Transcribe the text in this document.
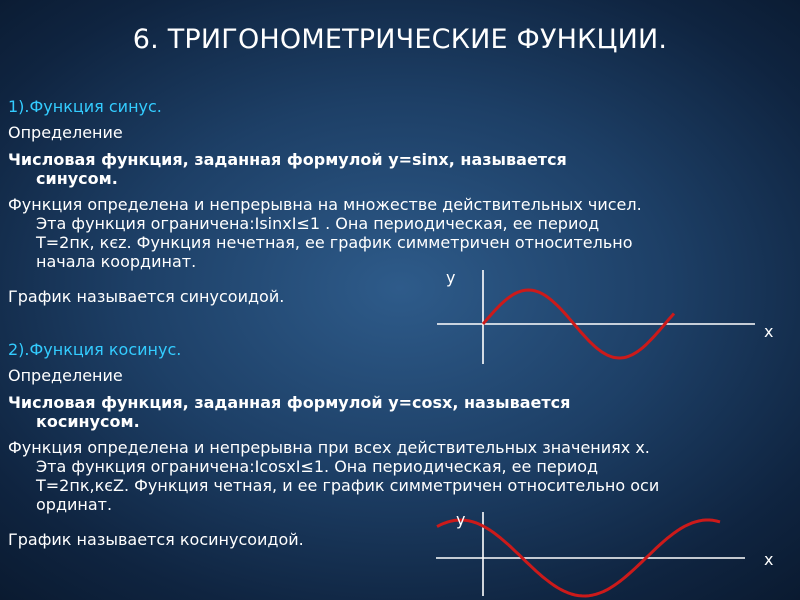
6. ТРИГОНОМЕТРИЧЕСКИЕ ФУНКЦИИ.
1).Функция синус.
Определение
Числовая функция, заданная формулой y=sinx, называется
синусом.
Функция определена и непрерывна на множестве действительных чисел.
Эта функция ограничена:IsinxI≤1 . Она периодическая, ее период
T=2пк, кєz. Функция нечетная, ее график симметричен относительно
начала координат.
График называется синусоидой.
2).Функция косинус.
Определение
Числовая функция, заданная формулой y=cosx, называется
косинусом.
Функция определена и непрерывна при всех действительных значениях x.
Эта функция ограничена:IcosxI≤1. Она периодическая, ее период
T=2пк,кєZ. Функция четная, и ее график симметричен относительно оси
ординат.
График называется косинусоидой.
y
x
y
x
